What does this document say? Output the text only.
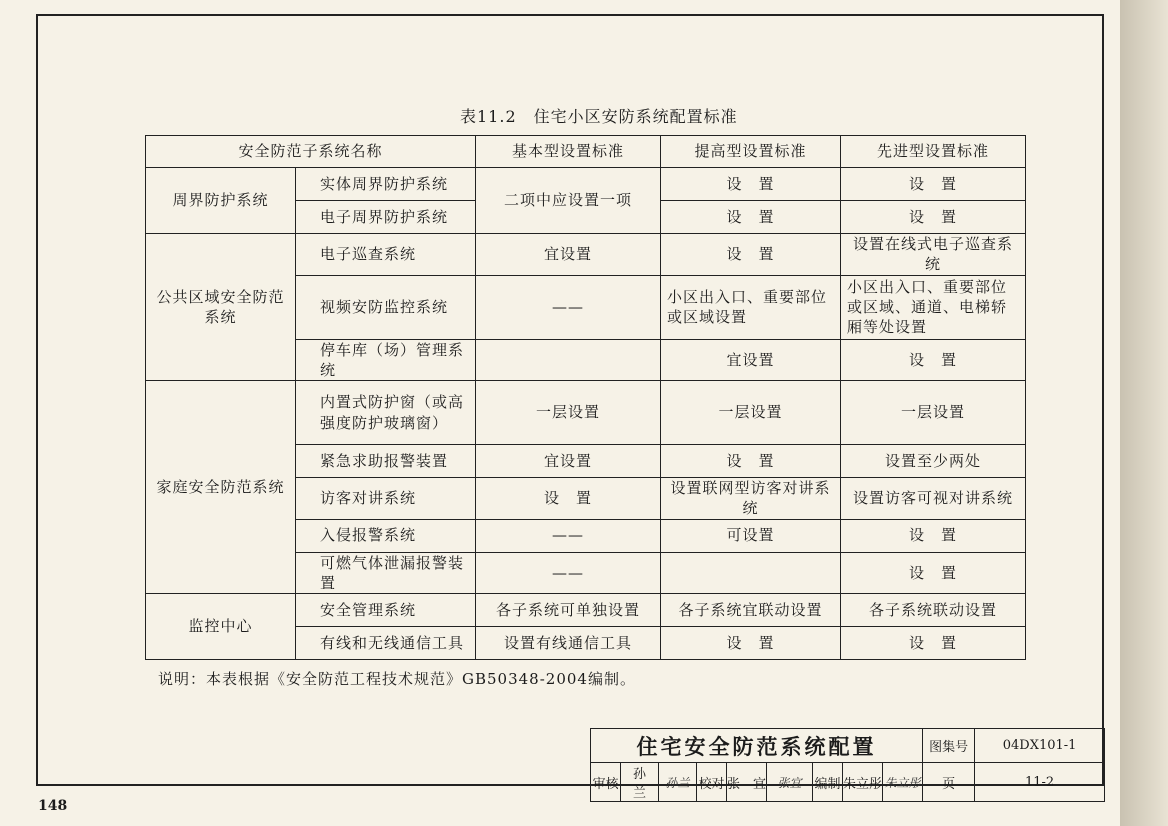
表11.2　住宅小区安防系统配置标准
安全防范子系统名称		基本型设置标准	提高型设置标准	先进型设置标准
周界防护系统	实体周界防护系统	二项中应设置一项	设　置	设　置
	电子周界防护系统		设　置	设　置
公共区域安全防范系统	电子巡查系统	宜设置	设　置	设置在线式电子巡查系统
	视频安防监控系统	——	小区出入口、重要部位或区域设置	小区出入口、重要部位或区域、通道、电梯轿厢等处设置
	停车库（场）管理系统		宜设置	设　置
家庭安全防范系统	内置式防护窗（或高强度防护玻璃窗）	一层设置	一层设置	一层设置
	紧急求助报警装置	宜设置	设　置	设置至少两处
	访客对讲系统	设　置	设置联网型访客对讲系统	设置访客可视对讲系统
	入侵报警系统	——	可设置	设　置
	可燃气体泄漏报警装置	——		设　置
监控中心	安全管理系统	各子系统可单独设置	各子系统宜联动设置	各子系统联动设置
	有线和无线通信工具	设置有线通信工具	设　置	设　置
说明：本表根据《安全防范工程技术规范》GB50348-2004编制。
住宅安全防范系统配置									图集号	04DX101-1
审核	孙　兰	孙兰	校对	张　宜	张宜	编制	朱立彤	朱立彤	页	11-2
148
